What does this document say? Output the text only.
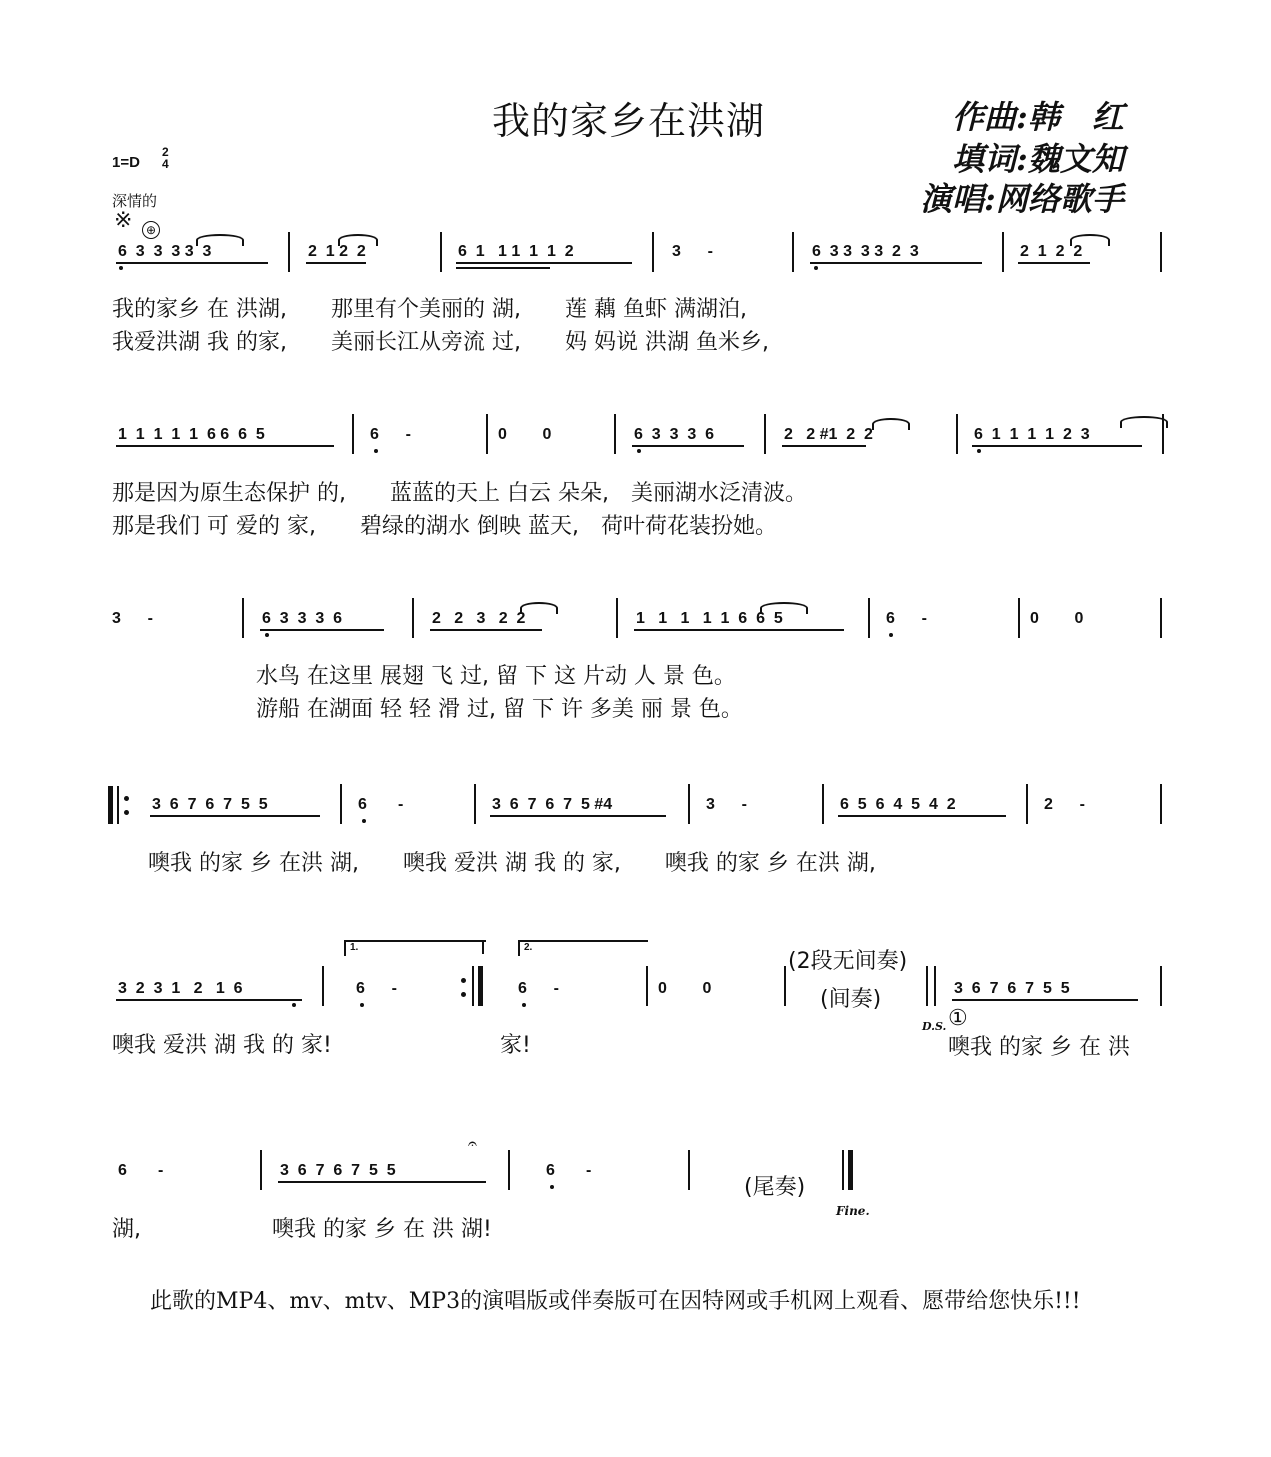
我的家乡在洪湖	作曲:韩　红
填词:魏文知
演唱:网络歌手
1=D
2
4
深情的
※	⊕
6  3  3  3 3  3	2  1 2  2	6  1   1 1  1  1  2	3      -	6  3 3  3 3  2  3	2  1  2  2
我的家乡 在 洪湖,　　那里有个美丽的 湖,　　莲 藕 鱼虾 满湖泊,
我爱洪湖 我 的家,　　美丽长江从旁流 过,　　妈 妈说 洪湖 鱼米乡,
1  1  1  1  1  6 6  6  5	6      -	0        0	6  3  3  3  6	2   2 #1  2  2	6  1  1  1  1  2  3
那是因为原生态保护 的,　　蓝蓝的天上 白云 朵朵,　美丽湖水泛清波。
那是我们 可 爱的 家,　　碧绿的湖水 倒映 蓝天,　荷叶荷花装扮她。
3      -	6  3  3  3  6	2   2   3   2  2	1   1   1   1  1  6  6  5	6      -	0        0
水鸟 在这里 展翅 飞 过, 留 下 这 片动 人 景 色。
游船 在湖面 轻 轻 滑 过, 留 下 许 多美 丽 景 色。
3  6  7  6  7  5  5	6       -	3  6  7  6  7  5 #4	3      -	6  5  6  4  5  4  2	2      -
噢我 的家 乡 在洪 湖,　　噢我 爱洪 湖 我 的 家,　　噢我 的家 乡 在洪 湖,
1.	2.
(2段无间奏)
(间奏)
3  2  3  1   2   1  6	6      -	6      -	0        0	3  6  7  6  7  5  5
D.S. ①
噢我 爱洪 湖 我 的 家!	家!	噢我 的家 乡 在 洪
6       -	3  6  7  6  7  5  5	6       -
𝄐
(尾奏)
Fine.
湖,	噢我 的家 乡 在 洪 湖!
此歌的MP4、mv、mtv、MP3的演唱版或伴奏版可在因特网或手机网上观看、愿带给您快乐!!!
